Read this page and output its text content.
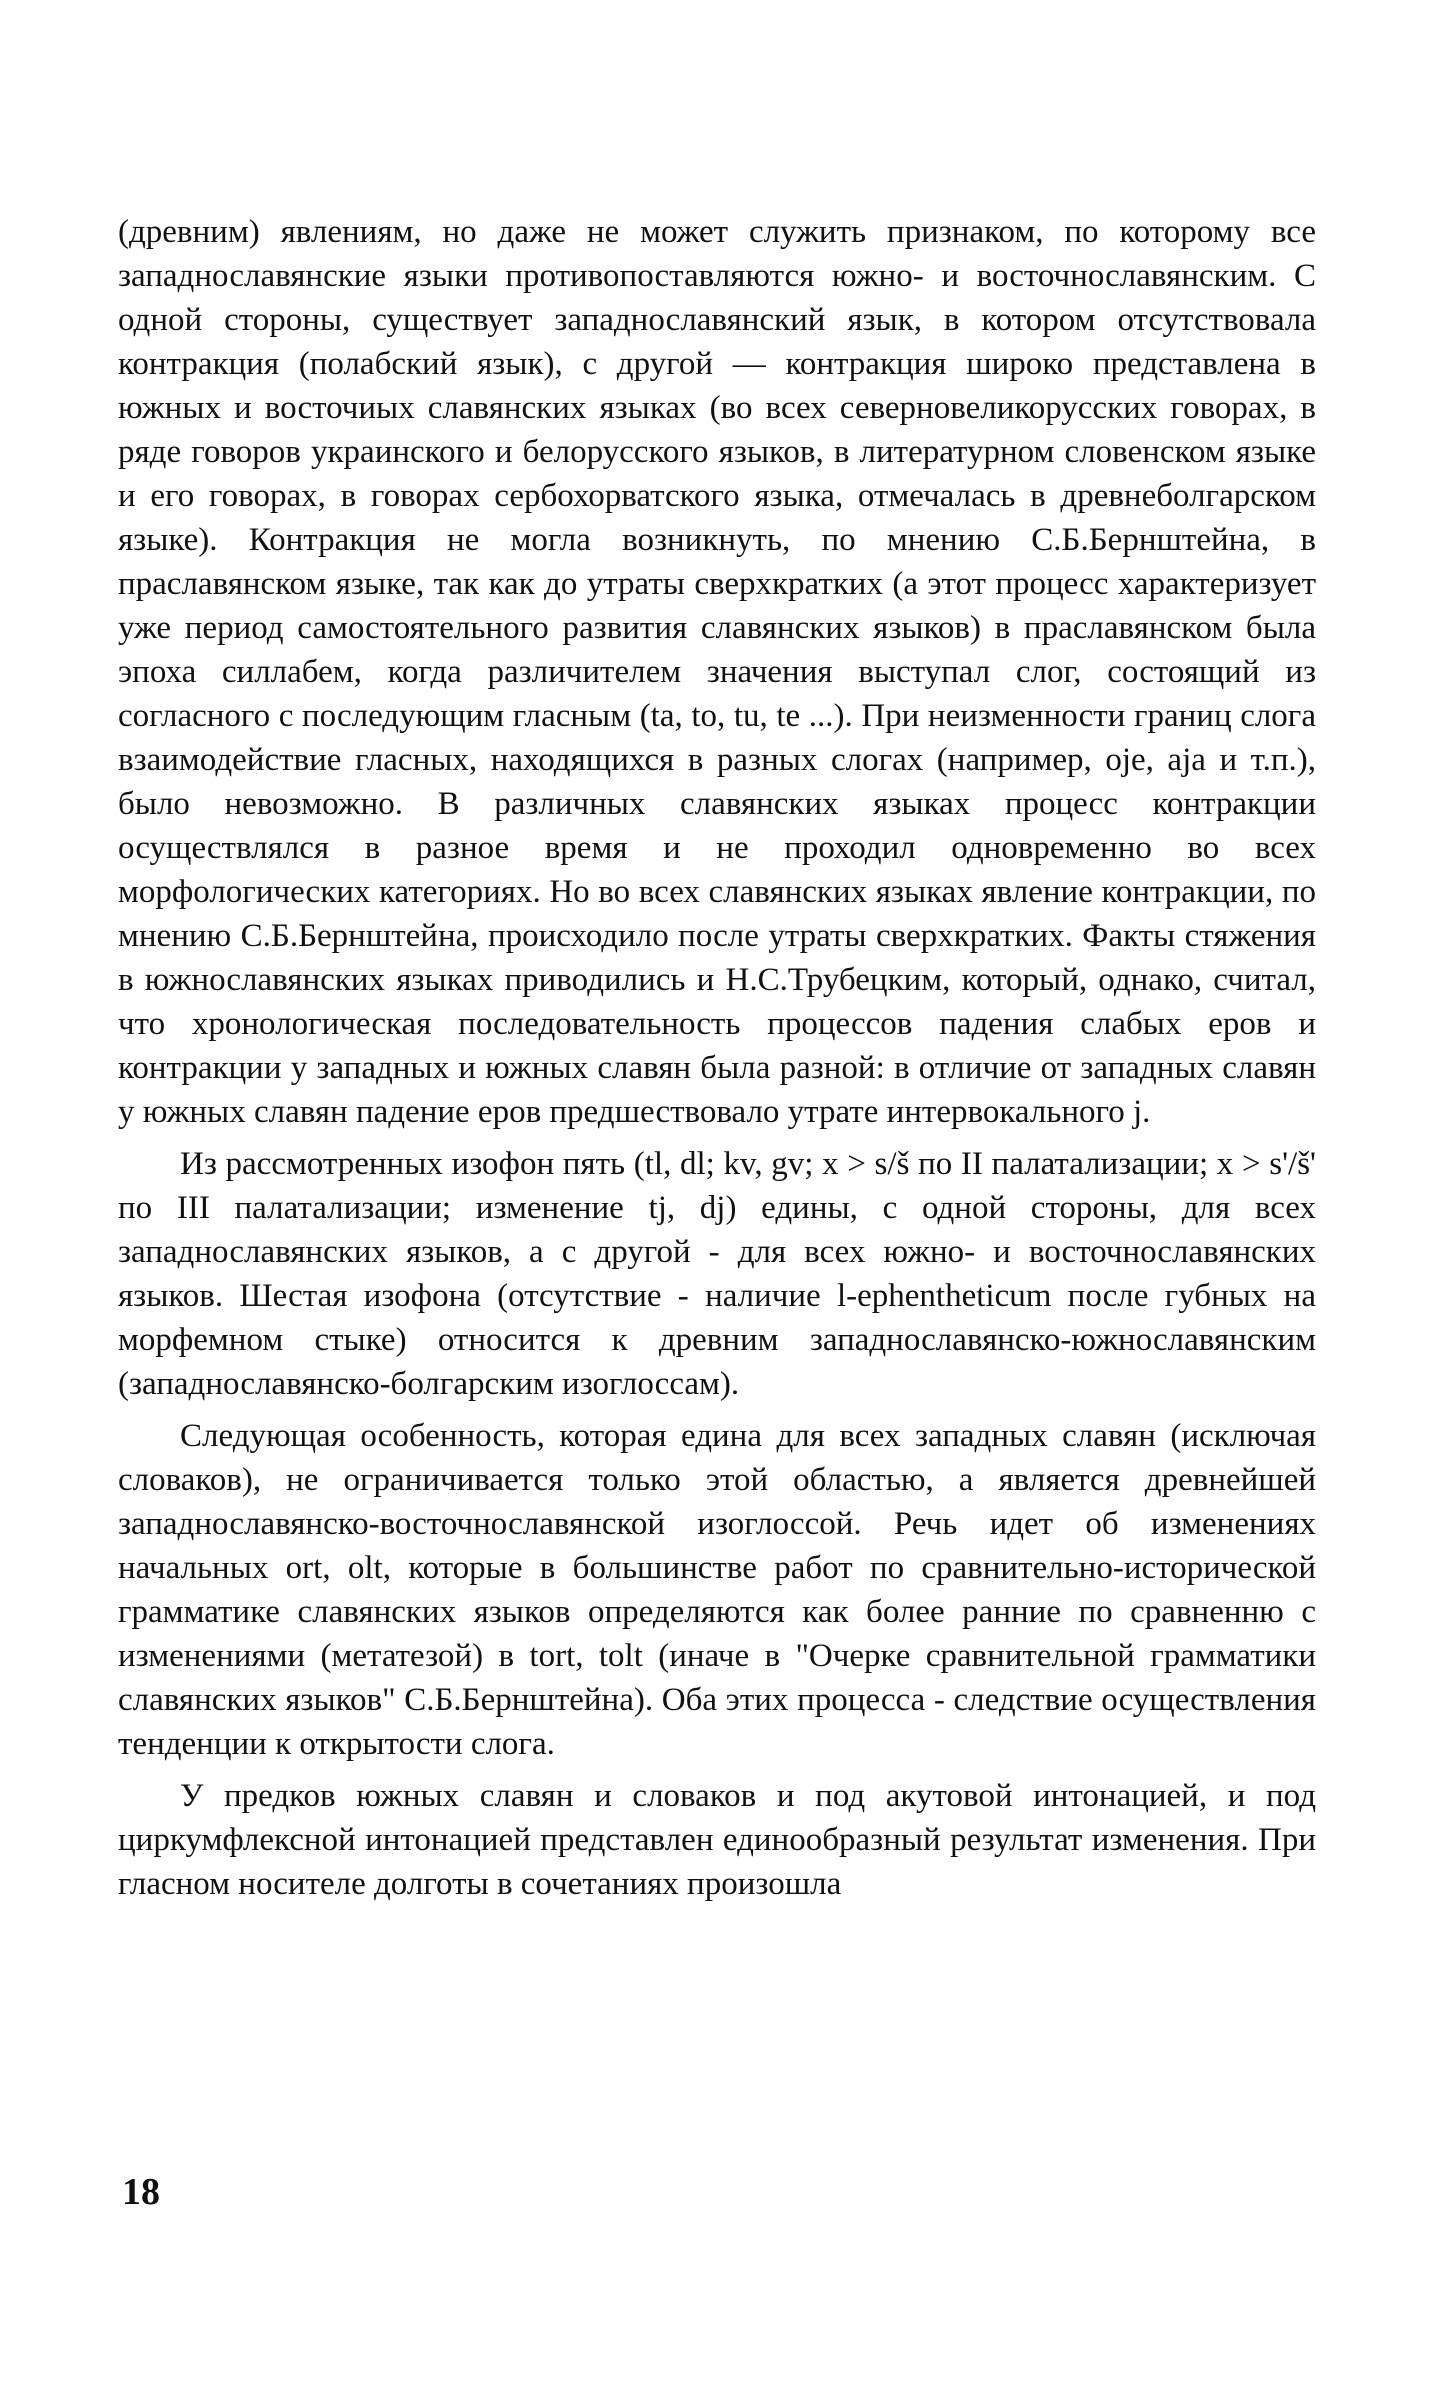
(древним) явлениям, но даже не может служить признаком, по которому все западнославянские языки противопоставляются южно- и восточнославянским. С одной стороны, существует западнославянский язык, в котором отсутствовала контракция (полабский язык), с другой — контракция широко представлена в южных и восточиых славянских языках (во всех северновеликорусских говорах, в ряде говоров украинского и белорусского языков, в литературном словенском языке и его говорах, в говорах сербохорватского языка, отмечалась в древнеболгарском языке). Контракция не могла возникнуть, по мнению С.Б.Бернштейна, в праславянском языке, так как до утраты сверхкратких (а этот процесс характеризует уже период самостоятельного развития славянских языков) в праславянском была эпоха силлабем, когда различителем значения выступал слог, состоящий из согласного с последующим гласным (ta, to, tu, te ...). При неизменности границ слога взаимодействие гласных, находящихся в разных слогах (например, oje, aja и т.п.), было невозможно. В различных славянских языках процесс контракции осуществлялся в разное время и не проходил одновременно во всех морфологических категориях. Но во всех славянских языках явление контракции, по мнению С.Б.Бернштейна, происходило после утраты сверхкратких. Факты стяжения в южнославянских языках приводились и Н.С.Трубецким, который, однако, считал, что хронологическая последовательность процессов падения слабых еров и контракции у западных и южных славян была разной: в отличие от западных славян у южных славян падение еров предшествовало утрате интервокального j.

Из рассмотренных изофон пять (tl, dl; kv, gv; x > s/š по II палатализации; x > s'/š' по III палатализации; изменение tj, dj) едины, с одной стороны, для всех западнославянских языков, а с другой - для всех южно- и восточнославянских языков. Шестая изофона (отсутствие - наличие l-ephentheticum после губных на морфемном стыке) относится к древним западнославянско-южнославянским (западнославянско-болгарским изоглоссам).

Следующая особенность, которая едина для всех западных славян (исключая словаков), не ограничивается только этой областью, а является древнейшей западнославянско-восточнославянской изоглоссой. Речь идет об изменениях начальных ort, olt, которые в большинстве работ по сравнительно-исторической грамматике славянских языков определяются как более ранние по сравненню с изменениями (метатезой) в tort, tolt (иначе в "Очерке сравнительной грамматики славянских языков" С.Б.Бернштейна). Оба этих процесса - следствие осуществления тенденции к открытости слога.

У предков южных славян и словаков и под акутовой интонацией, и под циркумфлексной интонацией представлен единообразный результат изменения. При гласном носителе долготы в сочетаниях произошла

18
